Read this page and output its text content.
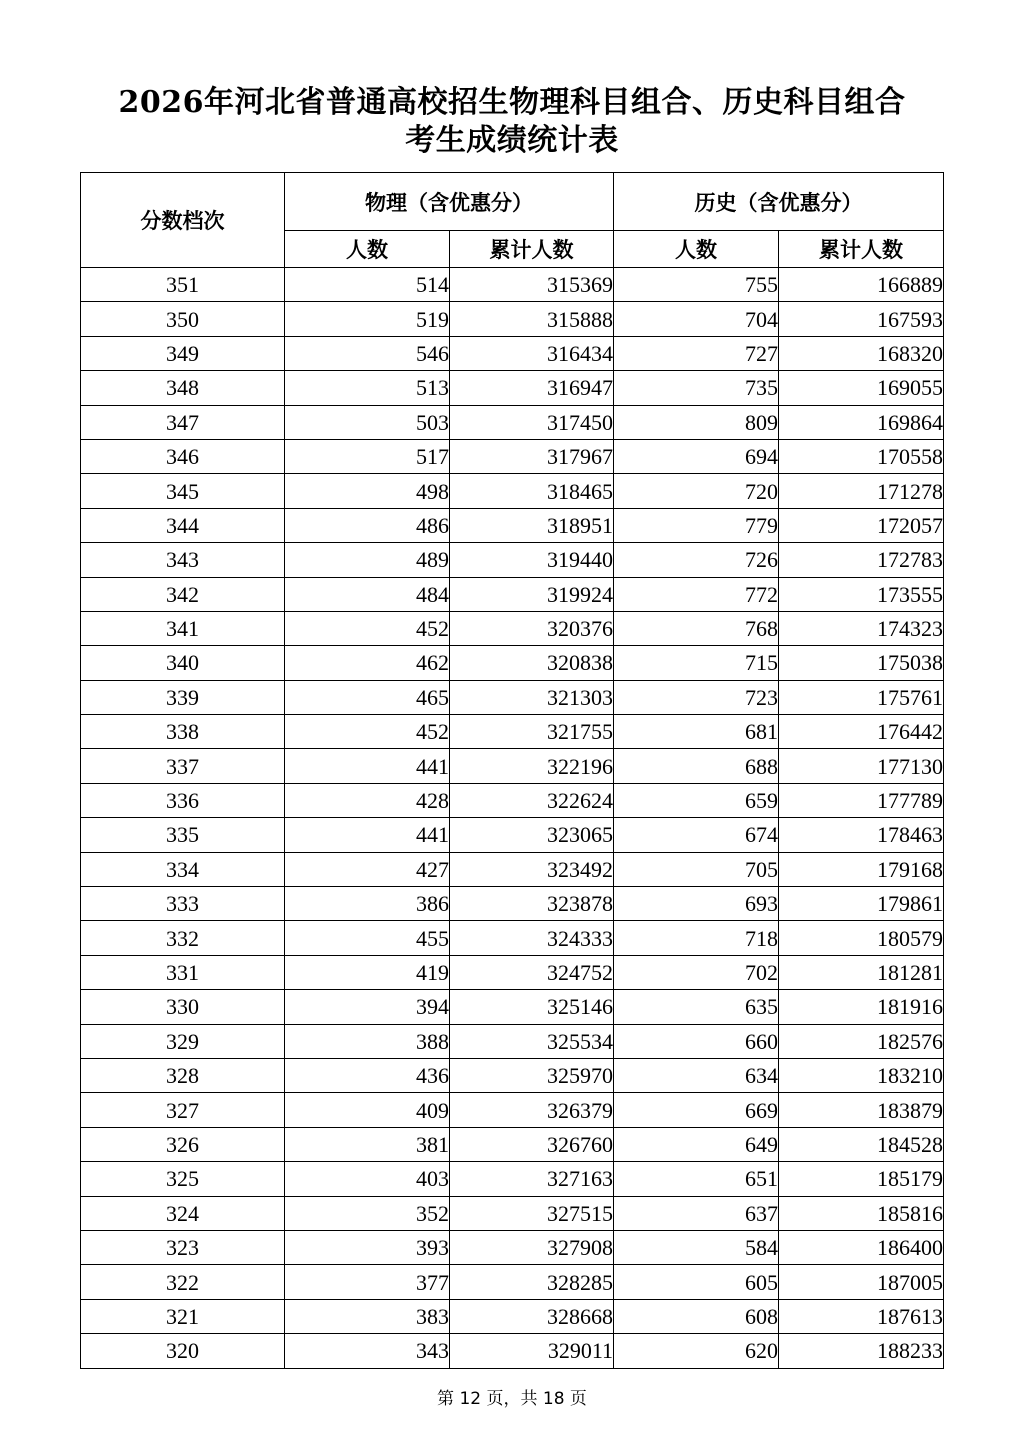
2026年河北省普通高校招生物理科目组合、历史科目组合
考生成绩统计表
分数档次	物理（含优惠分）		历史（含优惠分）	
	人数	累计人数	人数	累计人数
351	514	315369	755	166889
350	519	315888	704	167593
349	546	316434	727	168320
348	513	316947	735	169055
347	503	317450	809	169864
346	517	317967	694	170558
345	498	318465	720	171278
344	486	318951	779	172057
343	489	319440	726	172783
342	484	319924	772	173555
341	452	320376	768	174323
340	462	320838	715	175038
339	465	321303	723	175761
338	452	321755	681	176442
337	441	322196	688	177130
336	428	322624	659	177789
335	441	323065	674	178463
334	427	323492	705	179168
333	386	323878	693	179861
332	455	324333	718	180579
331	419	324752	702	181281
330	394	325146	635	181916
329	388	325534	660	182576
328	436	325970	634	183210
327	409	326379	669	183879
326	381	326760	649	184528
325	403	327163	651	185179
324	352	327515	637	185816
323	393	327908	584	186400
322	377	328285	605	187005
321	383	328668	608	187613
320	343	329011	620	188233
第 12 页，共 18 页
